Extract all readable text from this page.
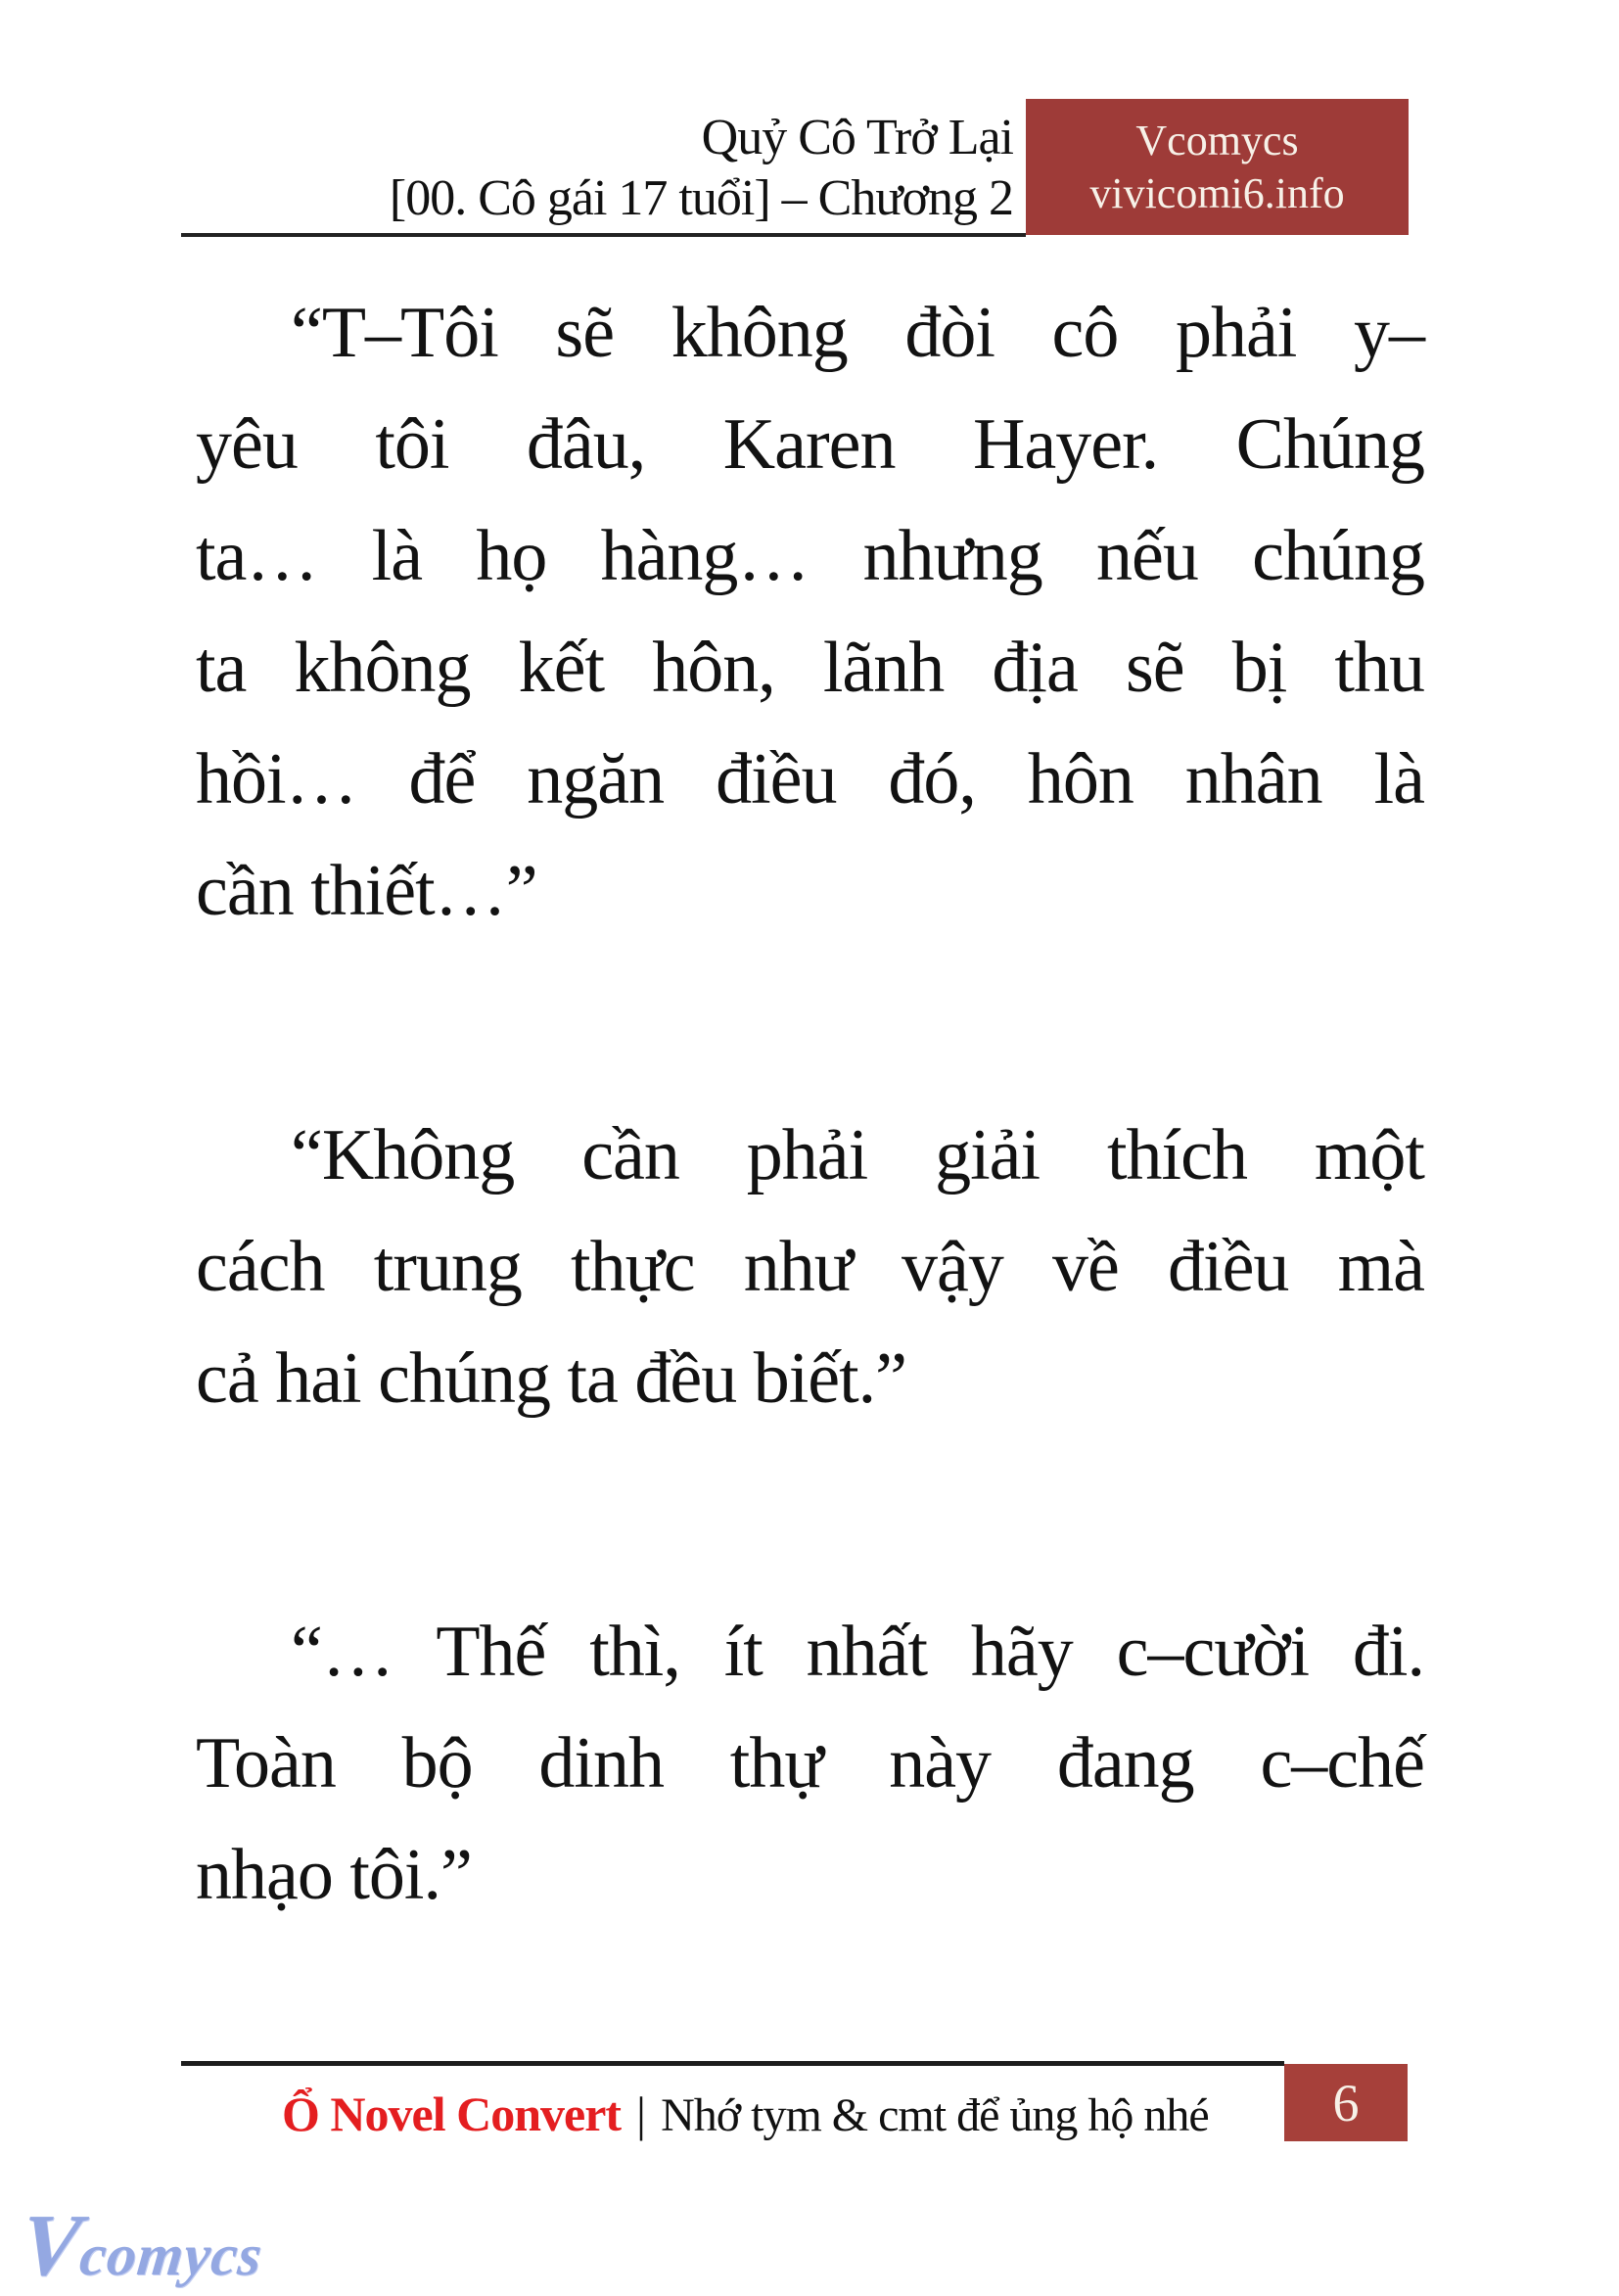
Quỷ Cô Trở Lại
[00. Cô gái 17 tuổi] – Chương 2
Vcomycs
vivicomi6.info
“T–Tôi sẽ không đòi cô phải y–
yêu tôi đâu, Karen Hayer. Chúng
ta… là họ hàng… nhưng nếu chúng
ta không kết hôn, lãnh địa sẽ bị thu
hồi… để ngăn điều đó, hôn nhân là
cần thiết…”
“Không cần phải giải thích một
cách trung thực như vậy về điều mà
cả hai chúng ta đều biết.”
“… Thế thì, ít nhất hãy c–cười đi.
Toàn bộ dinh thự này đang c–chế
nhạo tôi.”
Ổ Novel Convert | Nhớ tym & cmt để ủng hộ nhé 6
Vcomycs
